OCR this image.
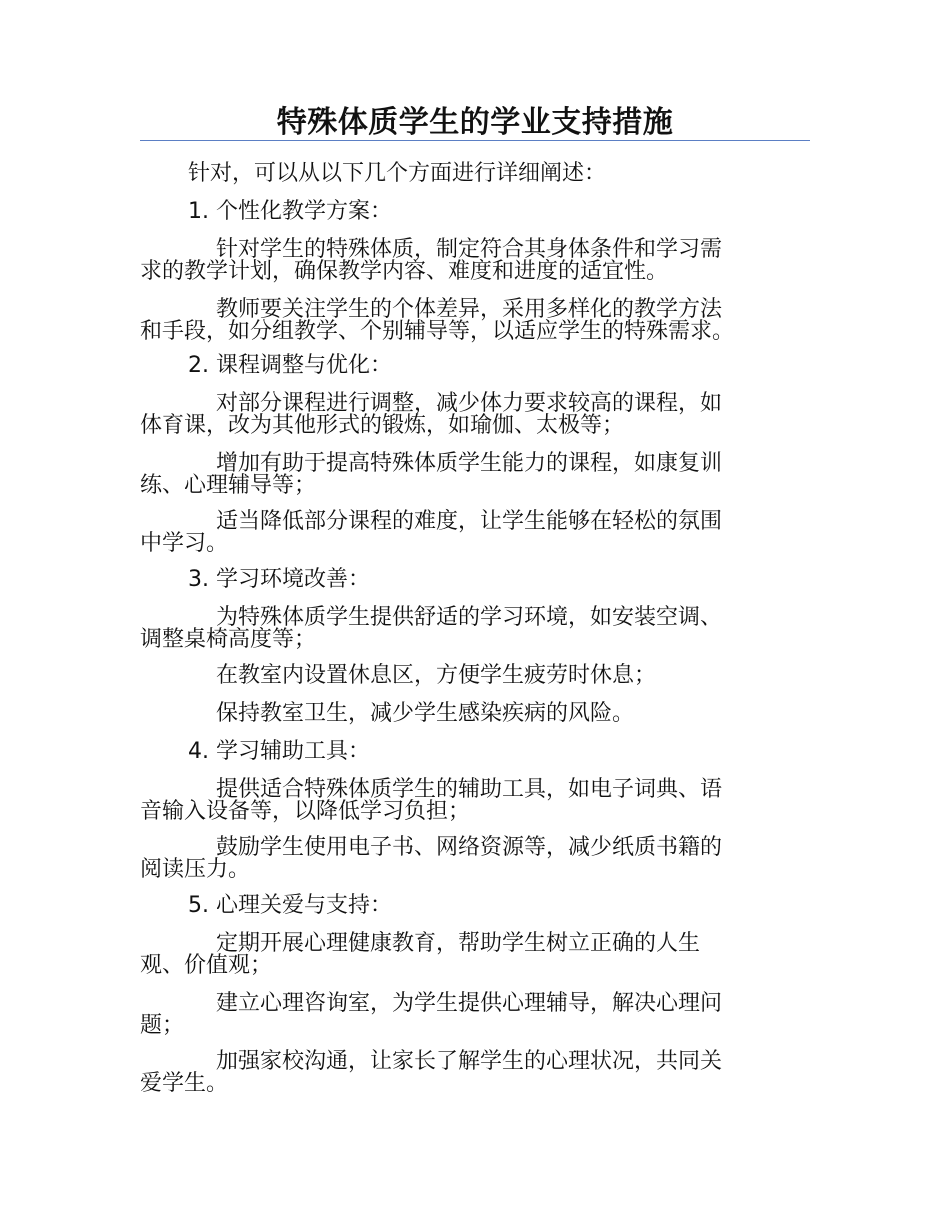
特殊体质学生的学业支持措施
针对，可以从以下几个方面进行详细阐述：
1. 个性化教学方案：
针对学生的特殊体质，制定符合其身体条件和学习需
求的教学计划，确保教学内容、难度和进度的适宜性。
教师要关注学生的个体差异，采用多样化的教学方法
和手段，如分组教学、个别辅导等，以适应学生的特殊需求。
2. 课程调整与优化：
对部分课程进行调整，减少体力要求较高的课程，如
体育课，改为其他形式的锻炼，如瑜伽、太极等；
增加有助于提高特殊体质学生能力的课程，如康复训
练、心理辅导等；
适当降低部分课程的难度，让学生能够在轻松的氛围
中学习。
3. 学习环境改善：
为特殊体质学生提供舒适的学习环境，如安装空调、
调整桌椅高度等；
在教室内设置休息区，方便学生疲劳时休息；
保持教室卫生，减少学生感染疾病的风险。
4. 学习辅助工具：
提供适合特殊体质学生的辅助工具，如电子词典、语
音输入设备等，以降低学习负担；
鼓励学生使用电子书、网络资源等，减少纸质书籍的
阅读压力。
5. 心理关爱与支持：
定期开展心理健康教育，帮助学生树立正确的人生
观、价值观；
建立心理咨询室，为学生提供心理辅导，解决心理问
题；
加强家校沟通，让家长了解学生的心理状况，共同关
爱学生。
